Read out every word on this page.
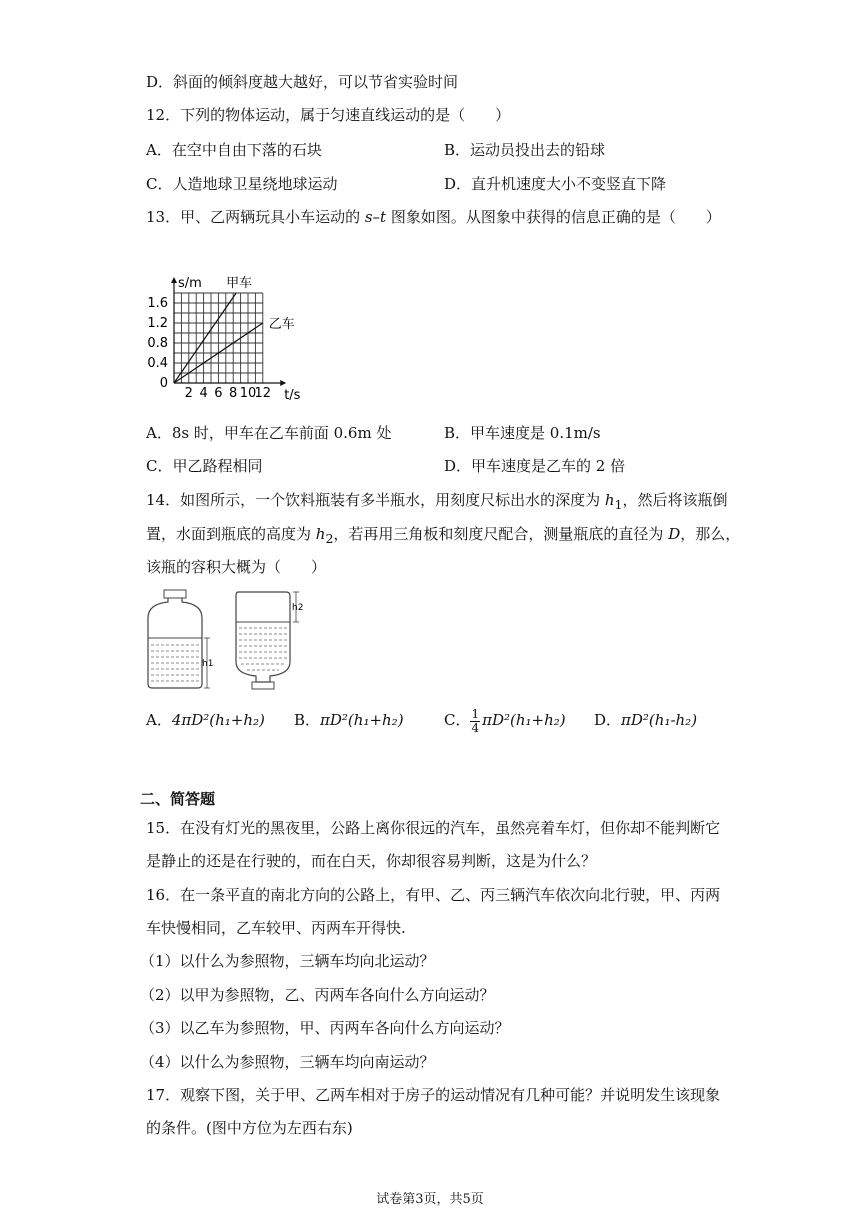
D．斜面的倾斜度越大越好，可以节省实验时间
12．下列的物体运动，属于匀速直线运动的是（　　）
A．在空中自由下落的石块	B．运动员投出去的铅球
C．人造地球卫星绕地球运动	D．直升机速度大小不变竖直下降
13．甲、乙两辆玩具小车运动的 s–t 图象如图。从图象中获得的信息正确的是（　　）
甲车
乙车
2 4 6 8 10
12
0
0.4
0.8
1.2
1.6
t/s
s/m
A．8s 时，甲车在乙车前面 0.6m 处	B．甲车速度是 0.1m/s
C．甲乙路程相同	D．甲车速度是乙车的 2 倍
14．如图所示，一个饮料瓶装有多半瓶水，用刻度尺标出水的深度为 $h_1$，然后将该瓶倒
置，水面到瓶底的高度为 $h_2$，若再用三角板和刻度尺配合，测量瓶底的直径为 D，那么，
该瓶的容积大概为（　　）
h1
h2
A．4πD²(h₁+h₂) B．πD²(h₁+h₂)	C． $\frac{1}{4} \pi D^2(h_1+h_2)$ D．πD²(h₁-h₂)
二、简答题
15．在没有灯光的黑夜里，公路上离你很远的汽车，虽然亮着车灯，但你却不能判断它
是静止的还是在行驶的，而在白天，你却很容易判断，这是为什么？
16．在一条平直的南北方向的公路上，有甲、乙、丙三辆汽车依次向北行驶，甲、丙两
车快慢相同，乙车较甲、丙两车开得快.
（1）以什么为参照物，三辆车均向北运动？
（2）以甲为参照物，乙、丙两车各向什么方向运动？
（3）以乙车为参照物，甲、丙两车各向什么方向运动？
（4）以什么为参照物，三辆车均向南运动？
17．观察下图，关于甲、乙两车相对于房子的运动情况有几种可能？并说明发生该现象
的条件。(图中方位为左西右东)
试卷第3页，共5页
